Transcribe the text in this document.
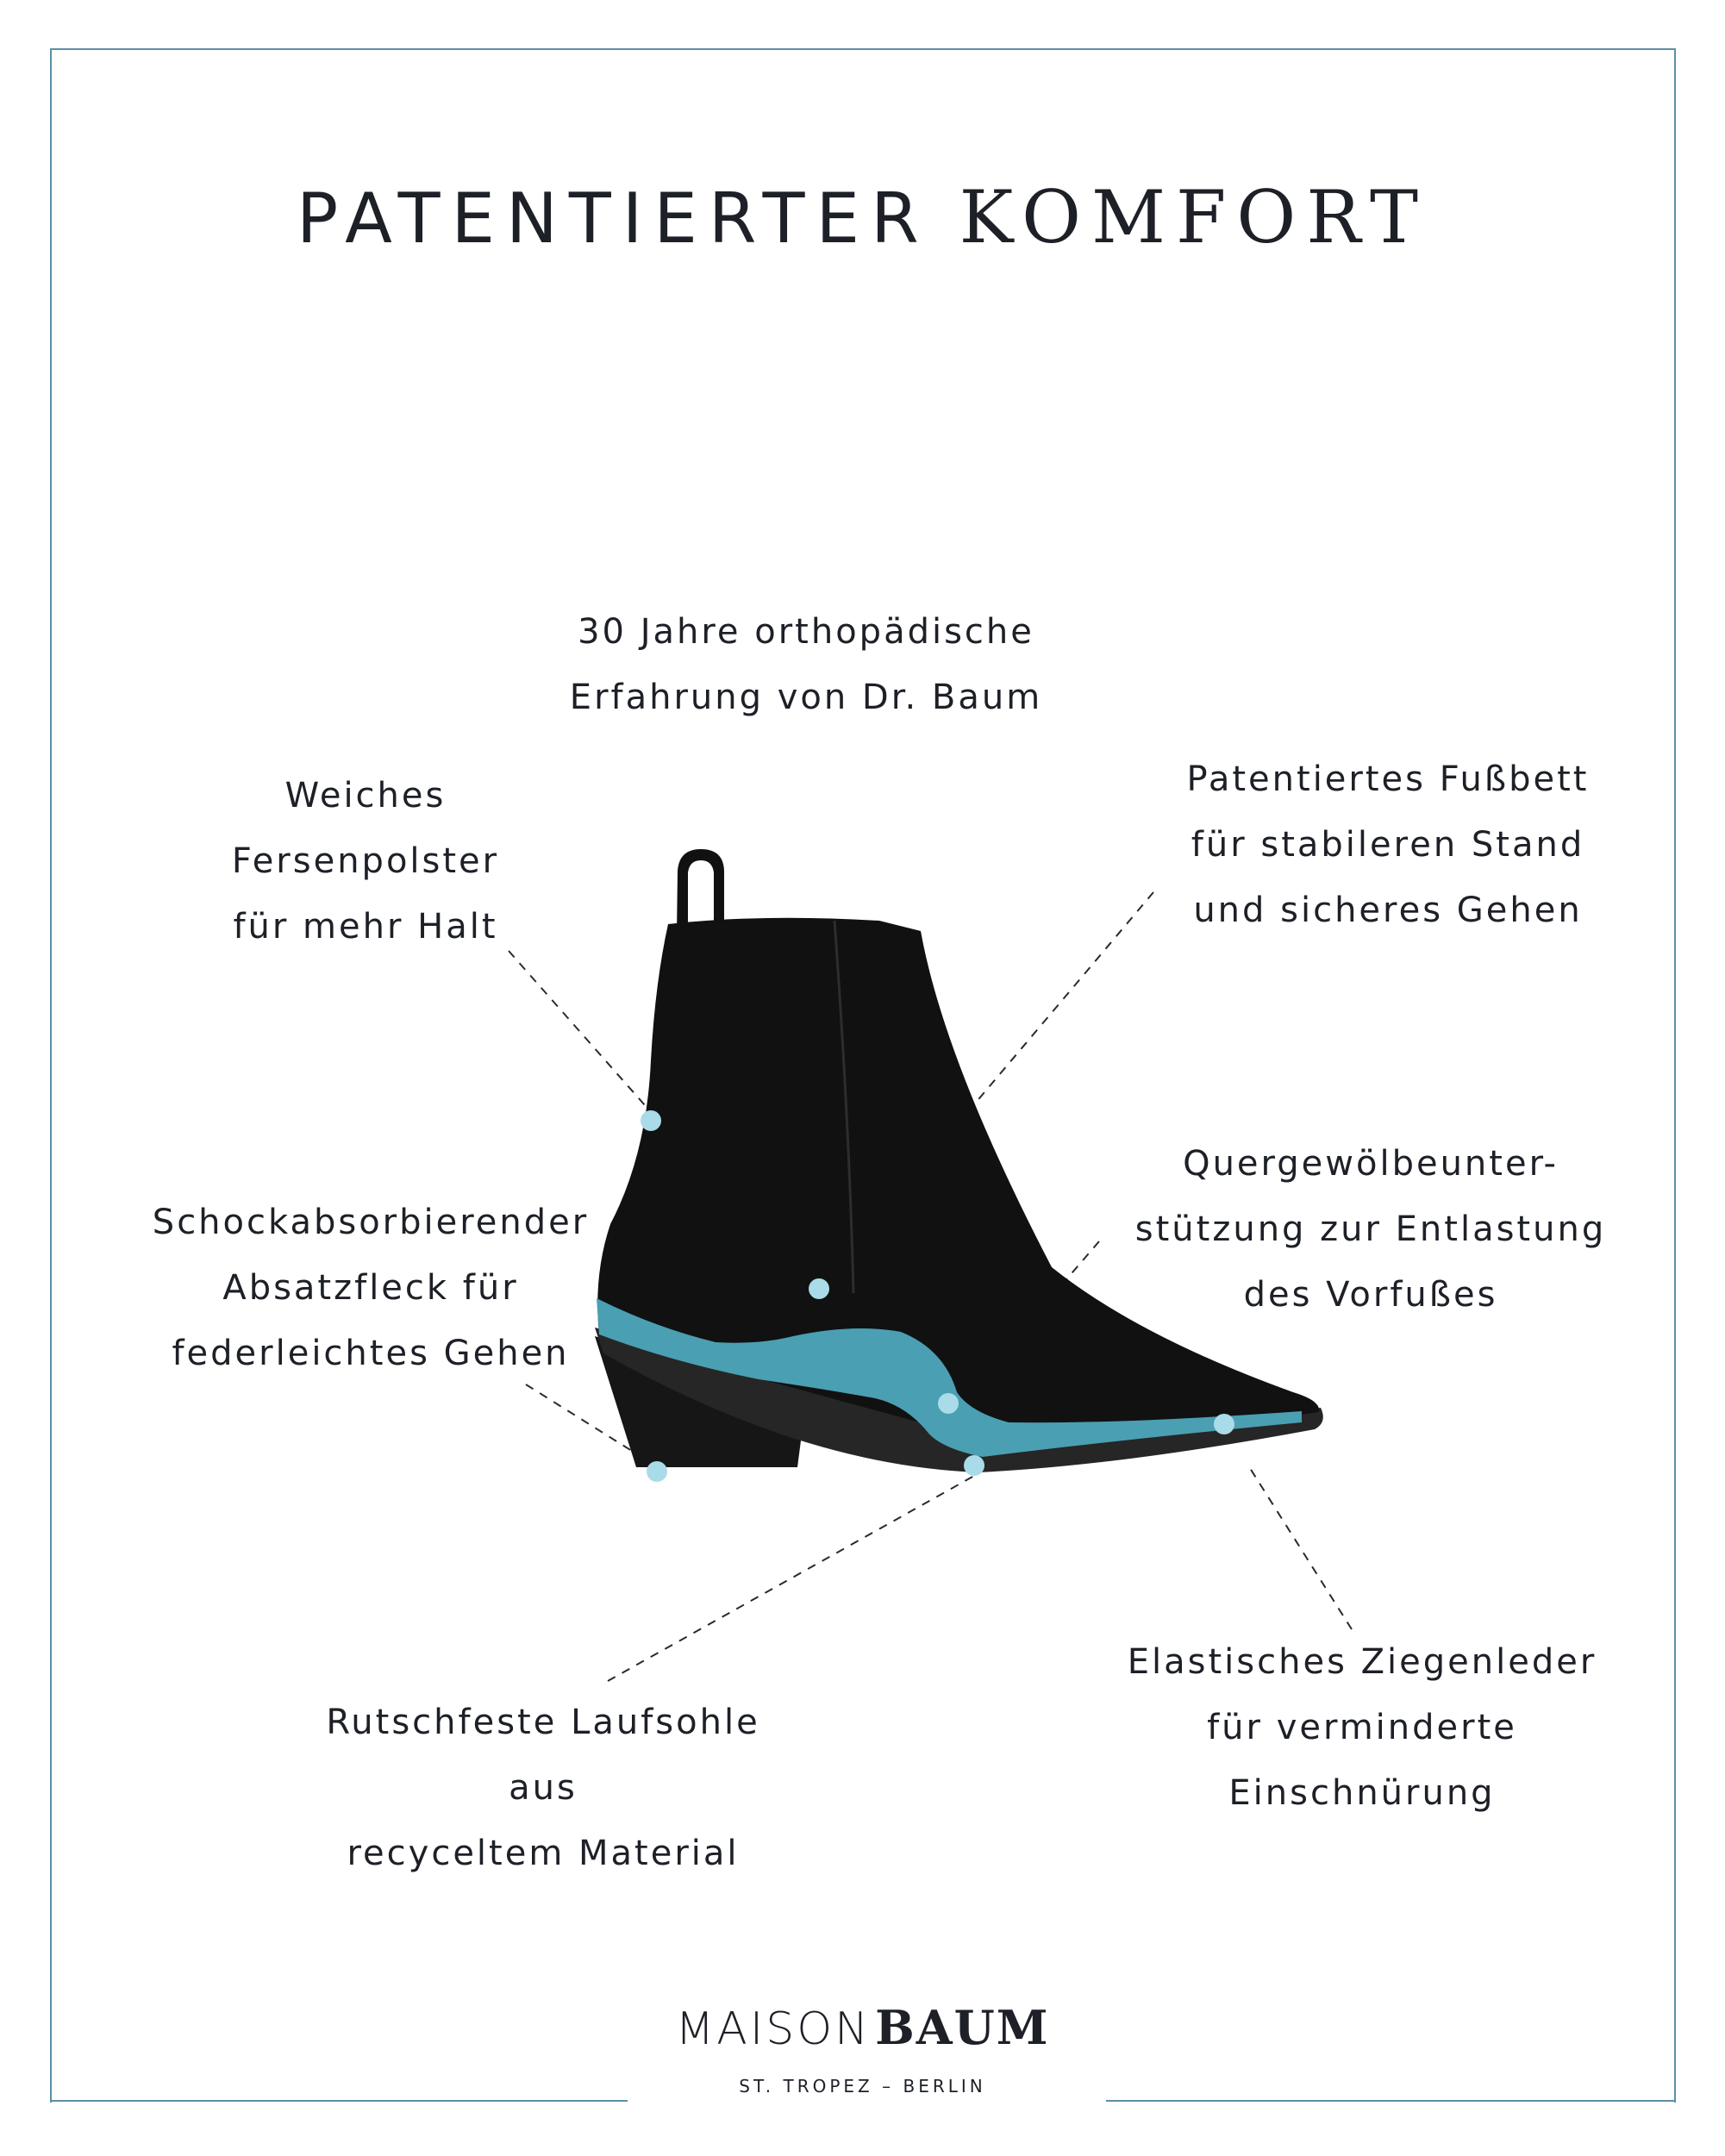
PATENTIERTER KOMFORT
30 Jahre orthopädische
Erfahrung von Dr. Baum
Weiches
Fersenpolster
für mehr Halt
Patentiertes Fußbett
für stabileren Stand
und sicheres Gehen
Schockabsorbierender
Absatzfleck für
federleichtes Gehen
Quergewölbeunter-
stützung zur Entlastung
des Vorfußes
Rutschfeste Laufsohle
aus
recyceltem Material
Elastisches Ziegenleder
für verminderte
Einschnürung
MAISON BAUM
ST. TROPEZ – BERLIN
